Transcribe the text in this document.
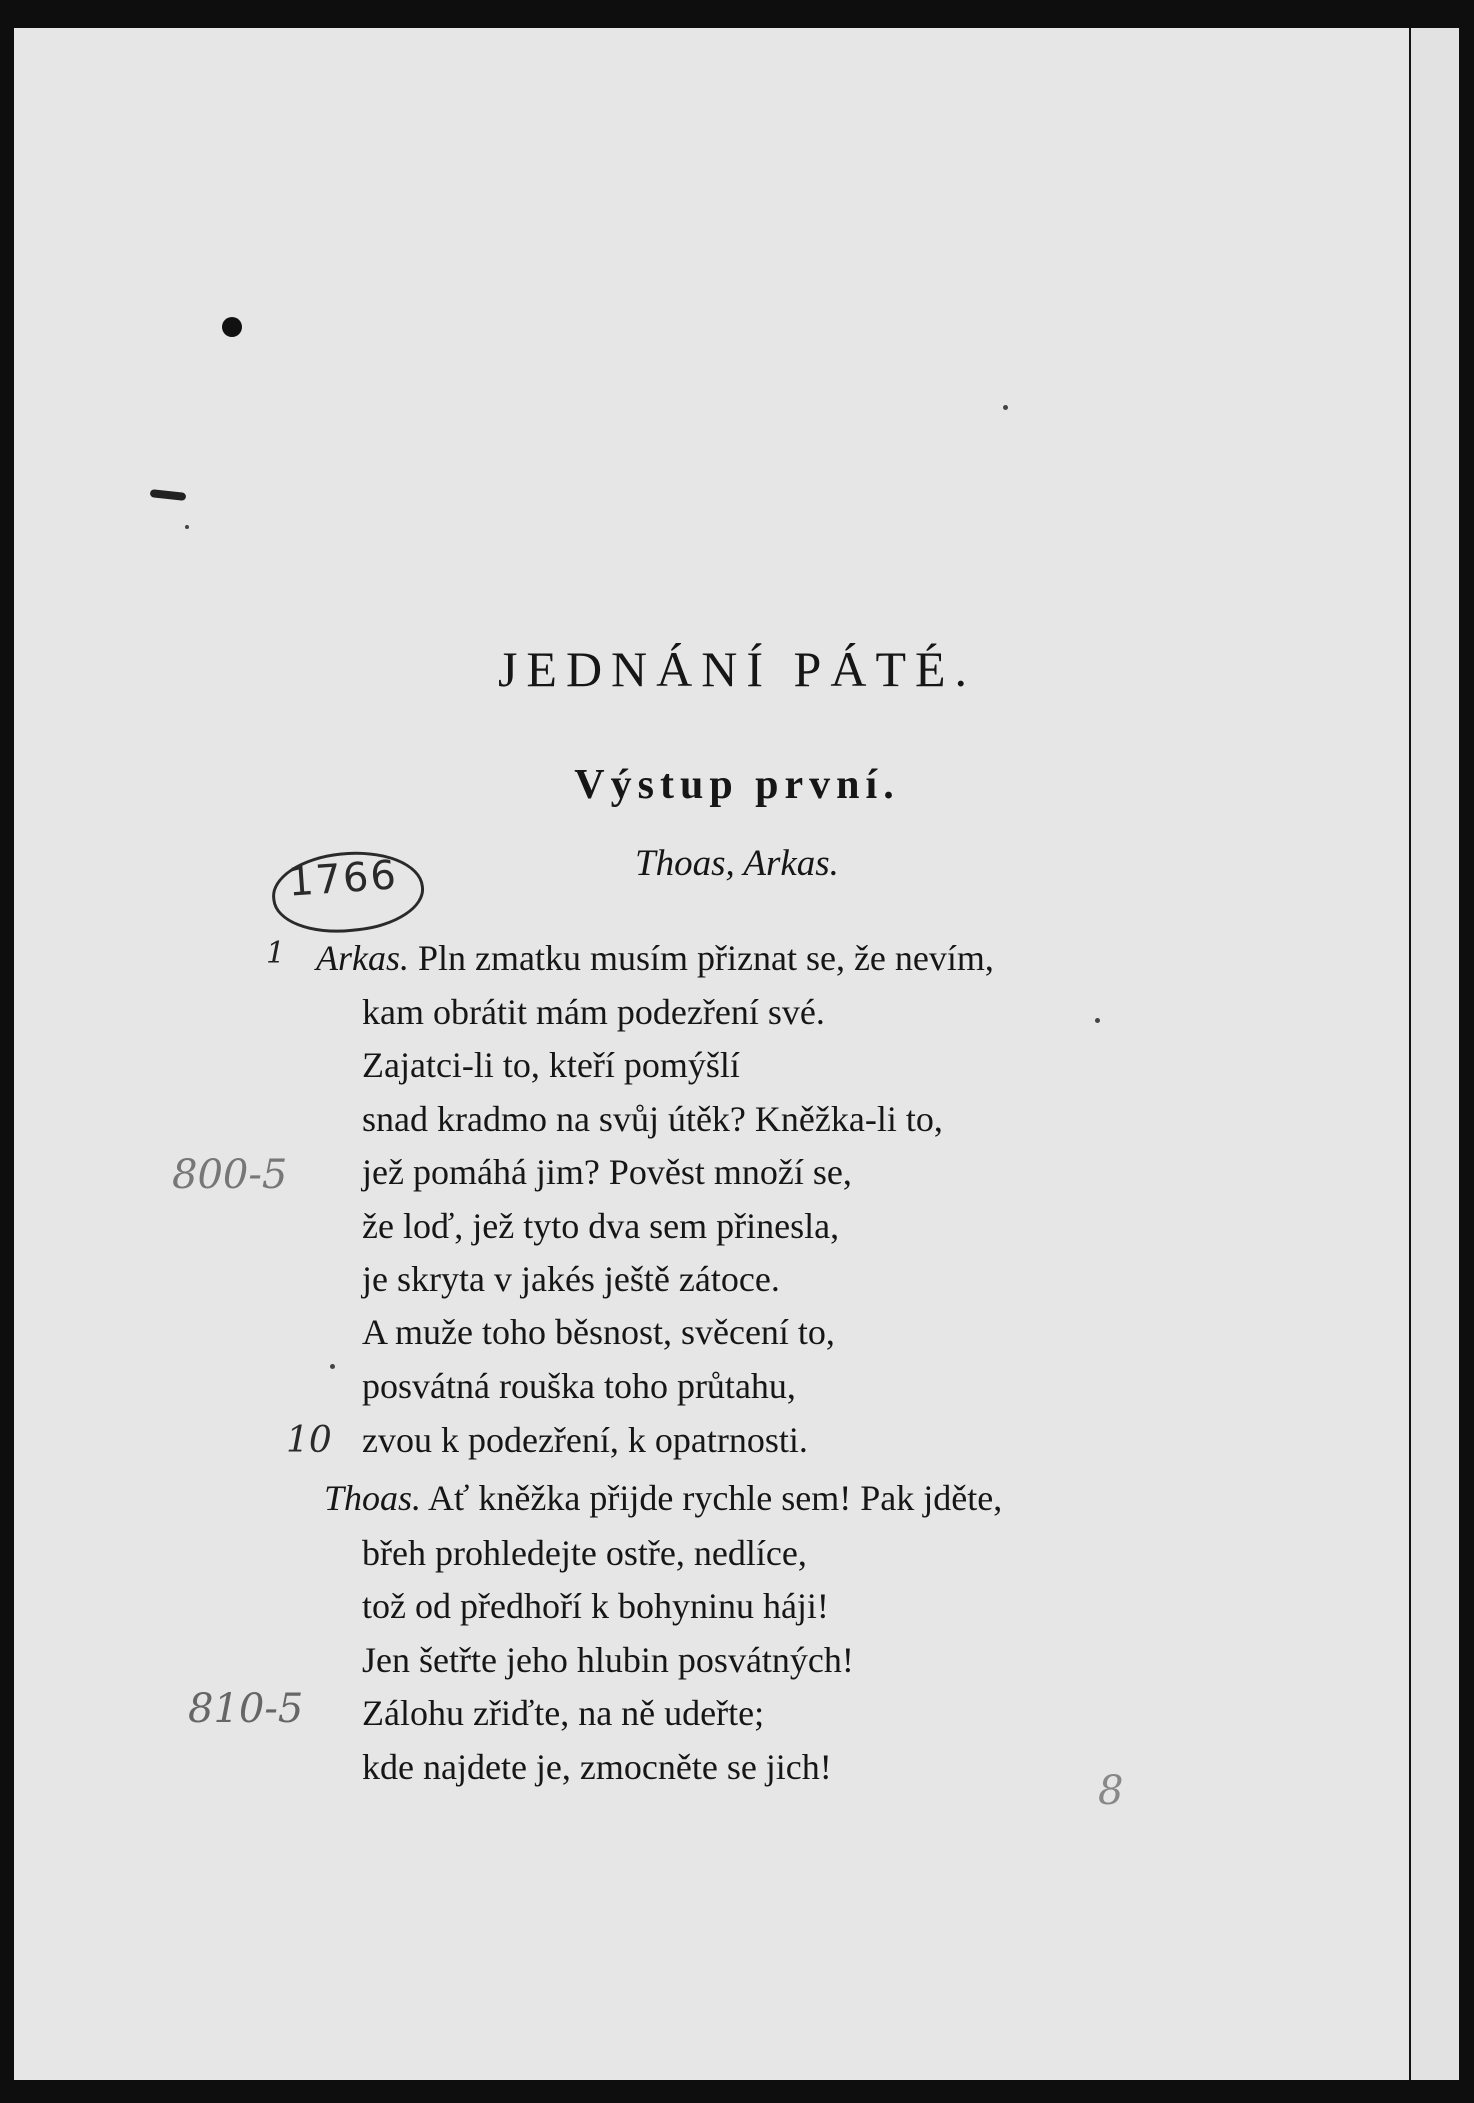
JEDNÁNÍ PÁTÉ.
Výstup první.
Thoas, Arkas.
1766
1
800-5
10
810-5
8
Arkas. Pln zmatku musím přiznat se, že nevím,
kam obrátit mám podezření své.
Zajatci-li to, kteří pomýšlí
snad kradmo na svůj útěk? Kněžka-li to,
jež pomáhá jim? Pověst množí se,
že loď, jež tyto dva sem přinesla,
je skryta v jakés ještě zátoce.
A muže toho běsnost, svěcení to,
posvátná rouška toho průtahu,
zvou k podezření, k opatrnosti.
Thoas. Ať kněžka přijde rychle sem! Pak jděte,
břeh prohledejte ostře, nedlíce,
tož od předhoří k bohyninu háji!
Jen šetřte jeho hlubin posvátných!
Zálohu zřiďte, na ně udeřte;
kde najdete je, zmocněte se jich!
